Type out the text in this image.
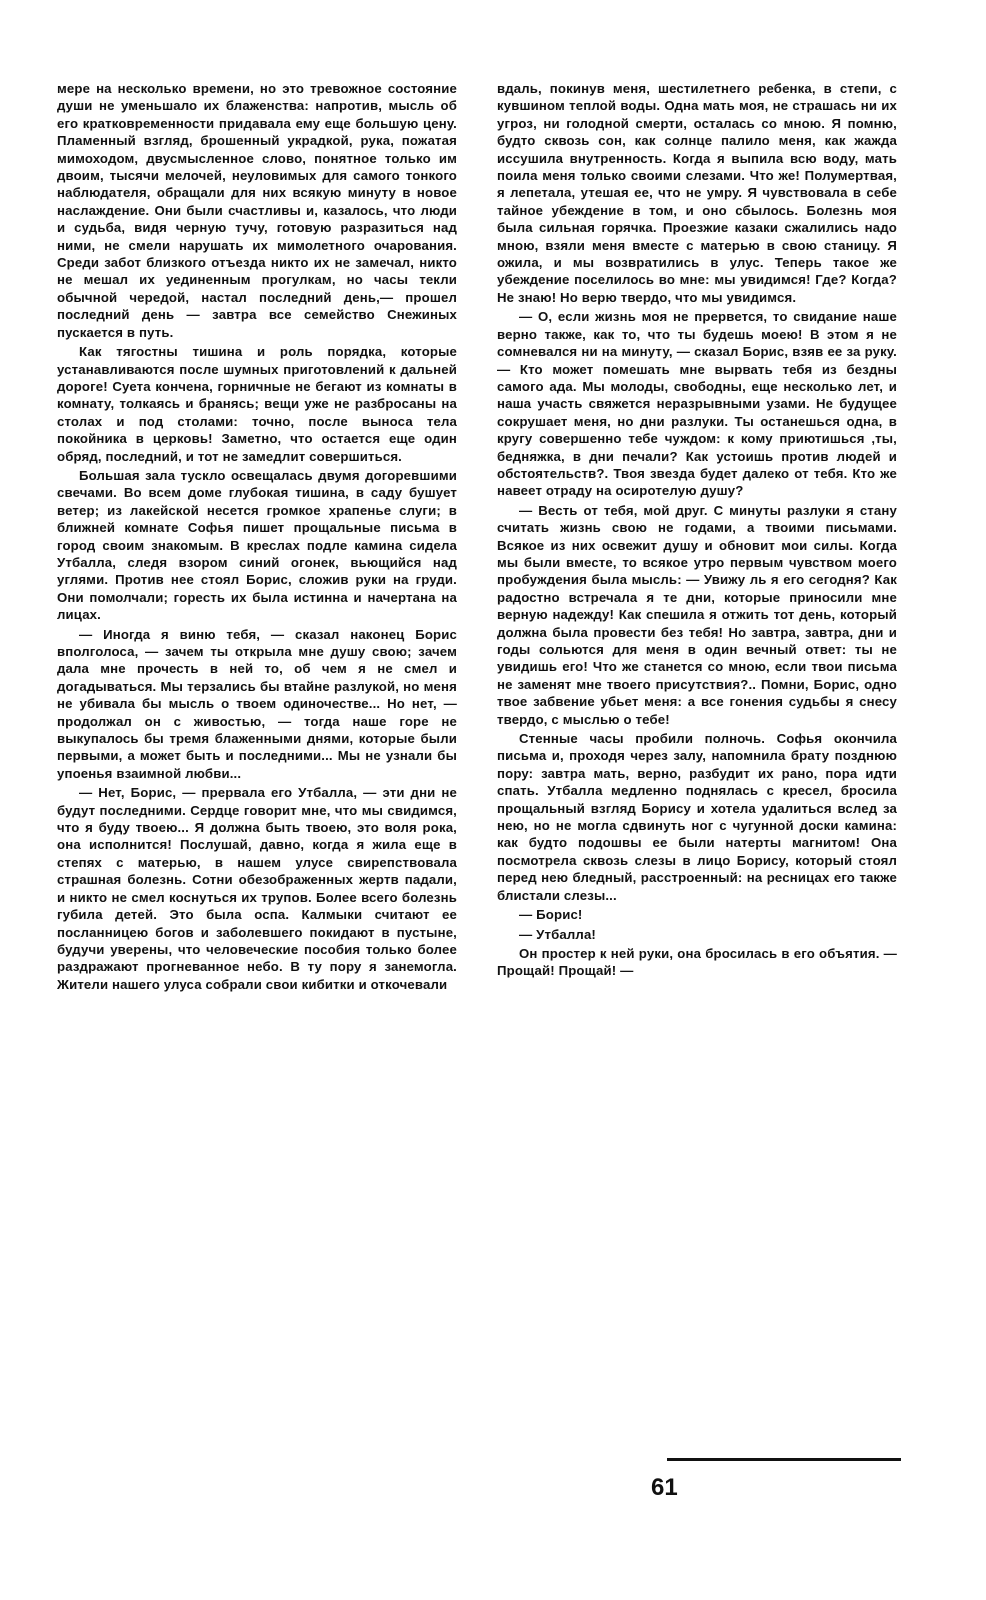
мере на несколько времени, но это тревожное состояние души не уменьшало их блаженства: напротив, мысль об его кратковременности придавала ему еще большую цену. Пламенный взгляд, брошенный украдкой, рука, пожатая мимоходом, двусмысленное слово, понятное только им двоим, тысячи мелочей, неуловимых для самого тонкого наблюдателя, обращали для них всякую минуту в новое наслаждение. Они были счастливы и, казалось, что люди и судьба, видя черную тучу, готовую разразиться над ними, не смели нарушать их мимолетного очарования. Среди забот близкого отъезда никто их не замечал, никто не мешал их уединенным прогулкам, но часы текли обычной чередой, настал последний день,— прошел последний день — завтра все семейство Снежиных пускается в путь.

Как тягостны тишина и роль порядка, которые устанавливаются после шумных приготовлений к дальней дороге! Суета кончена, горничные не бегают из комнаты в комнату, толкаясь и бранясь; вещи уже не разбросаны на столах и под столами: точно, после выноса тела покойника в церковь! Заметно, что остается еще один обряд, последний, и тот не замедлит совершиться.

Большая зала тускло освещалась двумя догоревшими свечами. Во всем доме глубокая тишина, в саду бушует ветер; из лакейской несется громкое храпенье слуги; в ближней комнате Софья пишет прощальные письма в город своим знакомым. В креслах подле камина сидела Утбалла, следя взором синий огонек, вьющийся над углями. Против нее стоял Борис, сложив руки на груди. Они помолчали; горесть их была истинна и начертана на лицах.

— Иногда я виню тебя, — сказал наконец Борис вполголоса, — зачем ты открыла мне душу свою; зачем дала мне прочесть в ней то, об чем я не смел и догадываться. Мы терзались бы втайне разлукой, но меня не убивала бы мысль о твоем одиночестве... Но нет, — продолжал он с живостью, — тогда наше горе не выкупалось бы тремя блаженными днями, которые были первыми, а может быть и последними... Мы не узнали бы упоенья взаимной любви...

— Нет, Борис, — прервала его Утбалла, — эти дни не будут последними. Сердце говорит мне, что мы свидимся, что я буду твоею... Я должна быть твоею, это воля рока, она исполнится! Послушай, давно, когда я жила еще в степях с матерью, в нашем улусе свирепствовала страшная болезнь. Сотни обезображенных жертв падали, и никто не смел коснуться их трупов. Более всего болезнь губила детей. Это была оспа. Калмыки считают ее посланницею богов и заболевшего покидают в пустыне, будучи уверены, что человеческие пособия только более раздражают прогневанное небо. В ту пору я занемогла. Жители нашего улуса собрали свои кибитки и откочевали

вдаль, покинув меня, шестилетнего ребенка, в степи, с кувшином теплой воды. Одна мать моя, не страшась ни их угроз, ни голодной смерти, осталась со мною. Я помню, будто сквозь сон, как солнце палило меня, как жажда иссушила внутренность. Когда я выпила всю воду, мать поила меня только своими слезами. Что же! Полумертвая, я лепетала, утешая ее, что не умру. Я чувствовала в себе тайное убеждение в том, и оно сбылось. Болезнь моя была сильная горячка. Проезжие казаки сжалились надо мною, взяли меня вместе с матерью в свою станицу. Я ожила, и мы возвратились в улус. Теперь такое же убеждение поселилось во мне: мы увидимся! Где? Когда? Не знаю! Но верю твердо, что мы увидимся.

— О, если жизнь моя не прервется, то свидание наше верно также, как то, что ты будешь моею! В этом я не сомневался ни на минуту, — сказал Борис, взяв ее за руку. — Кто может помешать мне вырвать тебя из бездны самого ада. Мы молоды, свободны, еще несколько лет, и наша участь свяжется неразрывными узами. Не будущее сокрушает меня, но дни разлуки. Ты останешься одна, в кругу совершенно тебе чуждом: к кому приютишься ,ты, бедняжка, в дни печали? Как устоишь против людей и обстоятельств?. Твоя звезда будет далеко от тебя. Кто же навеет отраду на осиротелую душу?

— Весть от тебя, мой друг. С минуты разлуки я стану считать жизнь свою не годами, а твоими письмами. Всякое из них освежит душу и обновит мои силы. Когда мы были вместе, то всякое утро первым чувством моего пробуждения была мысль: — Увижу ль я его сегодня? Как радостно встречала я те дни, которые приносили мне верную надежду! Как спешила я отжить тот день, который должна была провести без тебя! Но завтра, завтра, дни и годы сольются для меня в один вечный ответ: ты не увидишь его! Что же станется со мною, если твои письма не заменят мне твоего присутствия?.. Помни, Борис, одно твое забвение убьет меня: а все гонения судьбы я снесу твердо, с мыслью о тебе!

Стенные часы пробили полночь. Софья окончила письма и, проходя через залу, напомнила брату позднюю пору: завтра мать, верно, разбудит их рано, пора идти спать. Утбалла медленно поднялась с кресел, бросила прощальный взгляд Борису и хотела удалиться вслед за нею, но не могла сдвинуть ног с чугунной доски камина: как будто подошвы ее были натерты магнитом! Она посмотрела сквозь слезы в лицо Борису, который стоял перед нею бледный, расстроенный: на ресницах его также блистали слезы...

— Борис!

— Утбалла!

Он простер к ней руки, она бросилась в его объятия. — Прощай! Прощай! —

61
